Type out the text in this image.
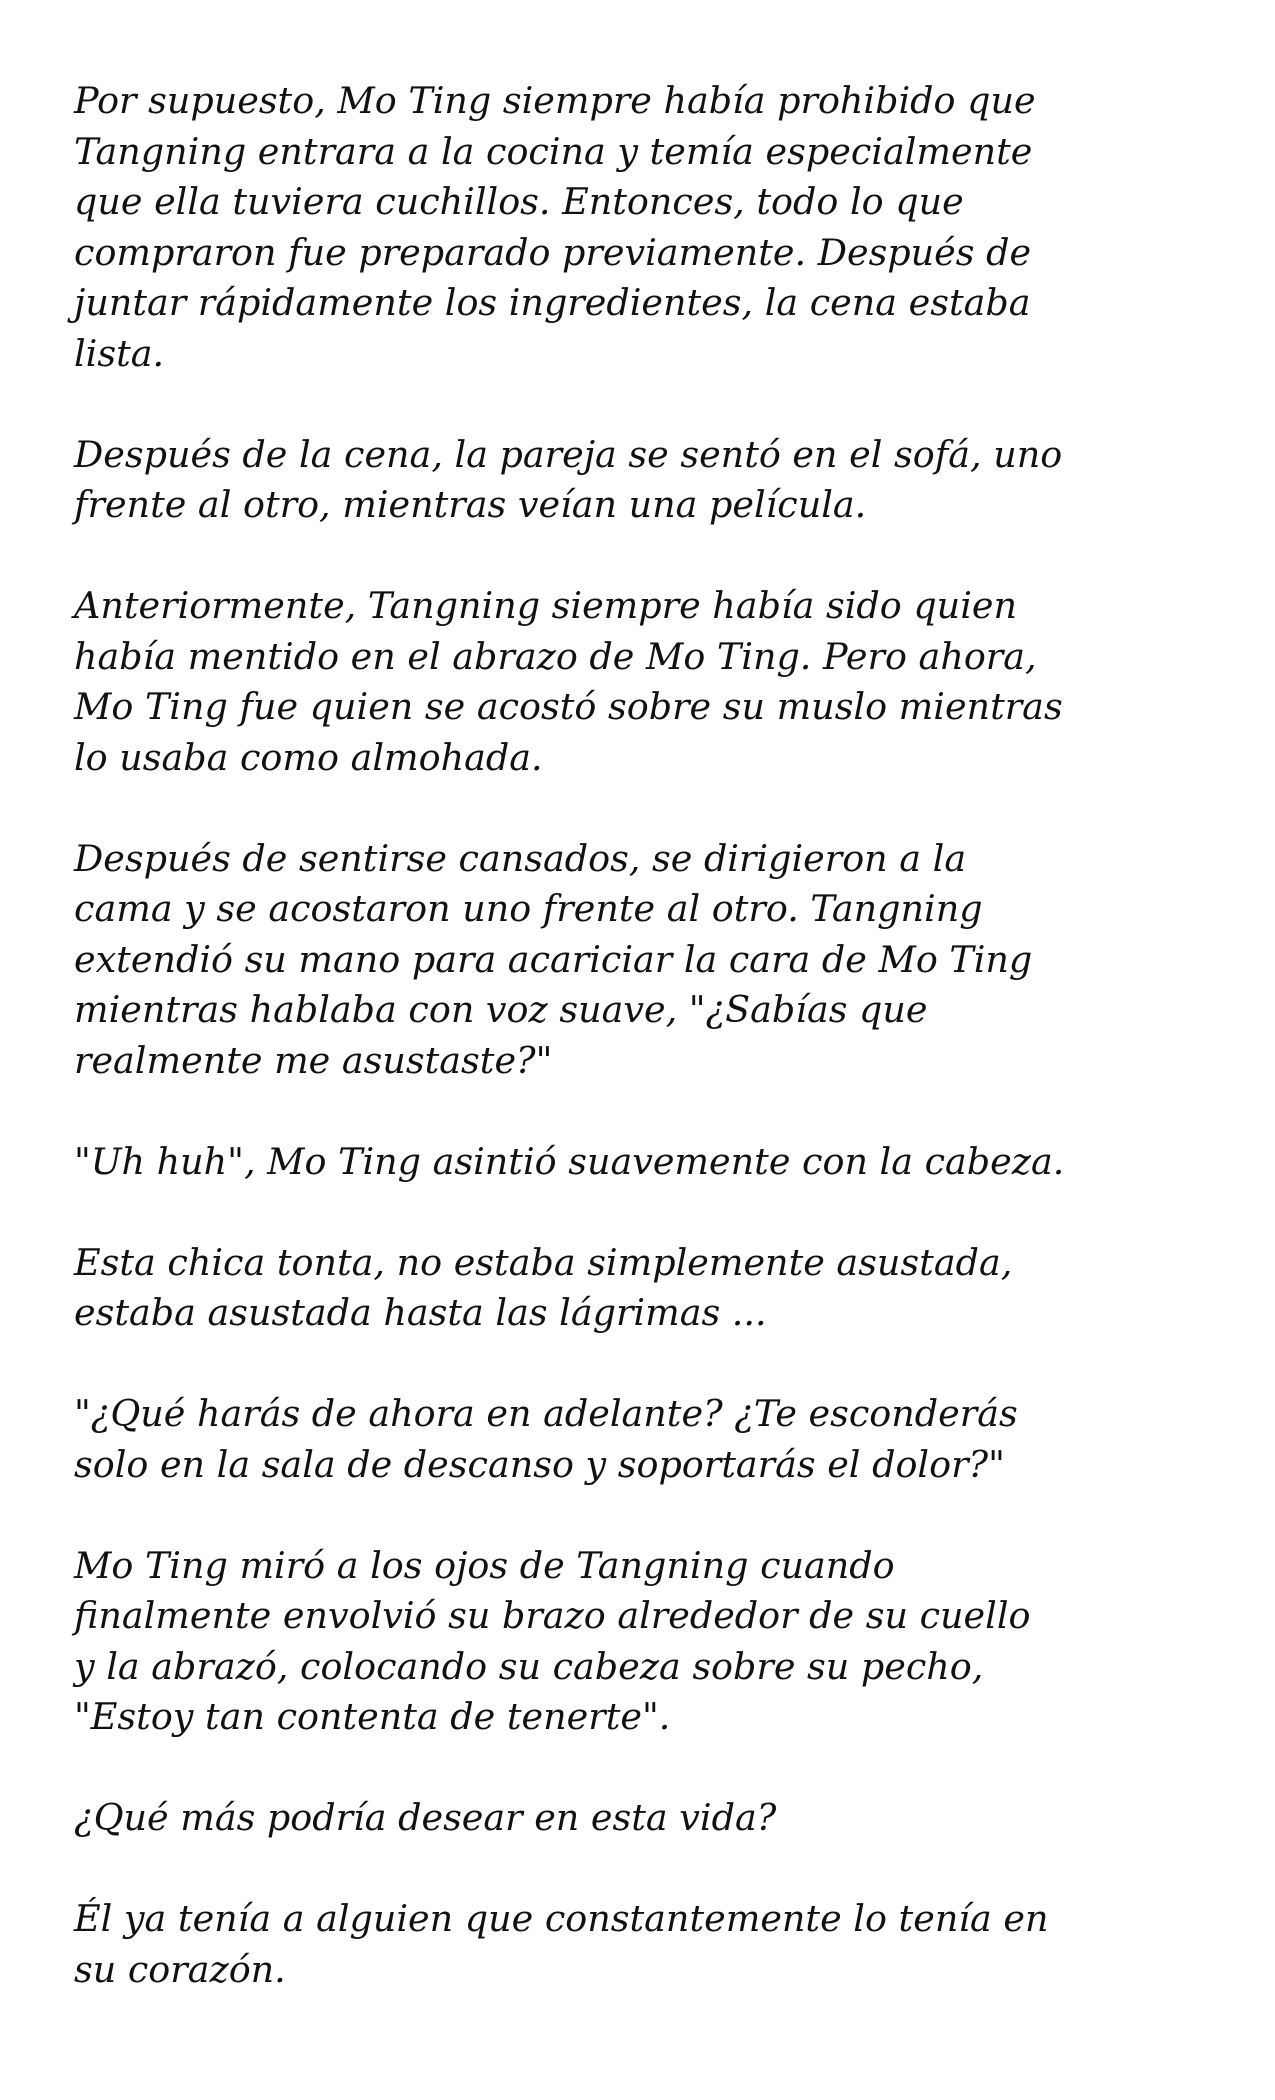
Por supuesto, Mo Ting siempre había prohibido que
Tangning entrara a la cocina y temía especialmente
que ella tuviera cuchillos. Entonces, todo lo que
compraron fue preparado previamente. Después de
juntar rápidamente los ingredientes, la cena estaba
lista.

Después de la cena, la pareja se sentó en el sofá, uno
frente al otro, mientras veían una película.

Anteriormente, Tangning siempre había sido quien
había mentido en el abrazo de Mo Ting. Pero ahora,
Mo Ting fue quien se acostó sobre su muslo mientras
lo usaba como almohada.

Después de sentirse cansados, se dirigieron a la
cama y se acostaron uno frente al otro. Tangning
extendió su mano para acariciar la cara de Mo Ting
mientras hablaba con voz suave, "¿Sabías que
realmente me asustaste?"

"Uh huh", Mo Ting asintió suavemente con la cabeza.

Esta chica tonta, no estaba simplemente asustada,
estaba asustada hasta las lágrimas ...

"¿Qué harás de ahora en adelante? ¿Te esconderás
solo en la sala de descanso y soportarás el dolor?"

Mo Ting miró a los ojos de Tangning cuando
finalmente envolvió su brazo alrededor de su cuello
y la abrazó, colocando su cabeza sobre su pecho,
"Estoy tan contenta de tenerte".

¿Qué más podría desear en esta vida?

Él ya tenía a alguien que constantemente lo tenía en
su corazón.
